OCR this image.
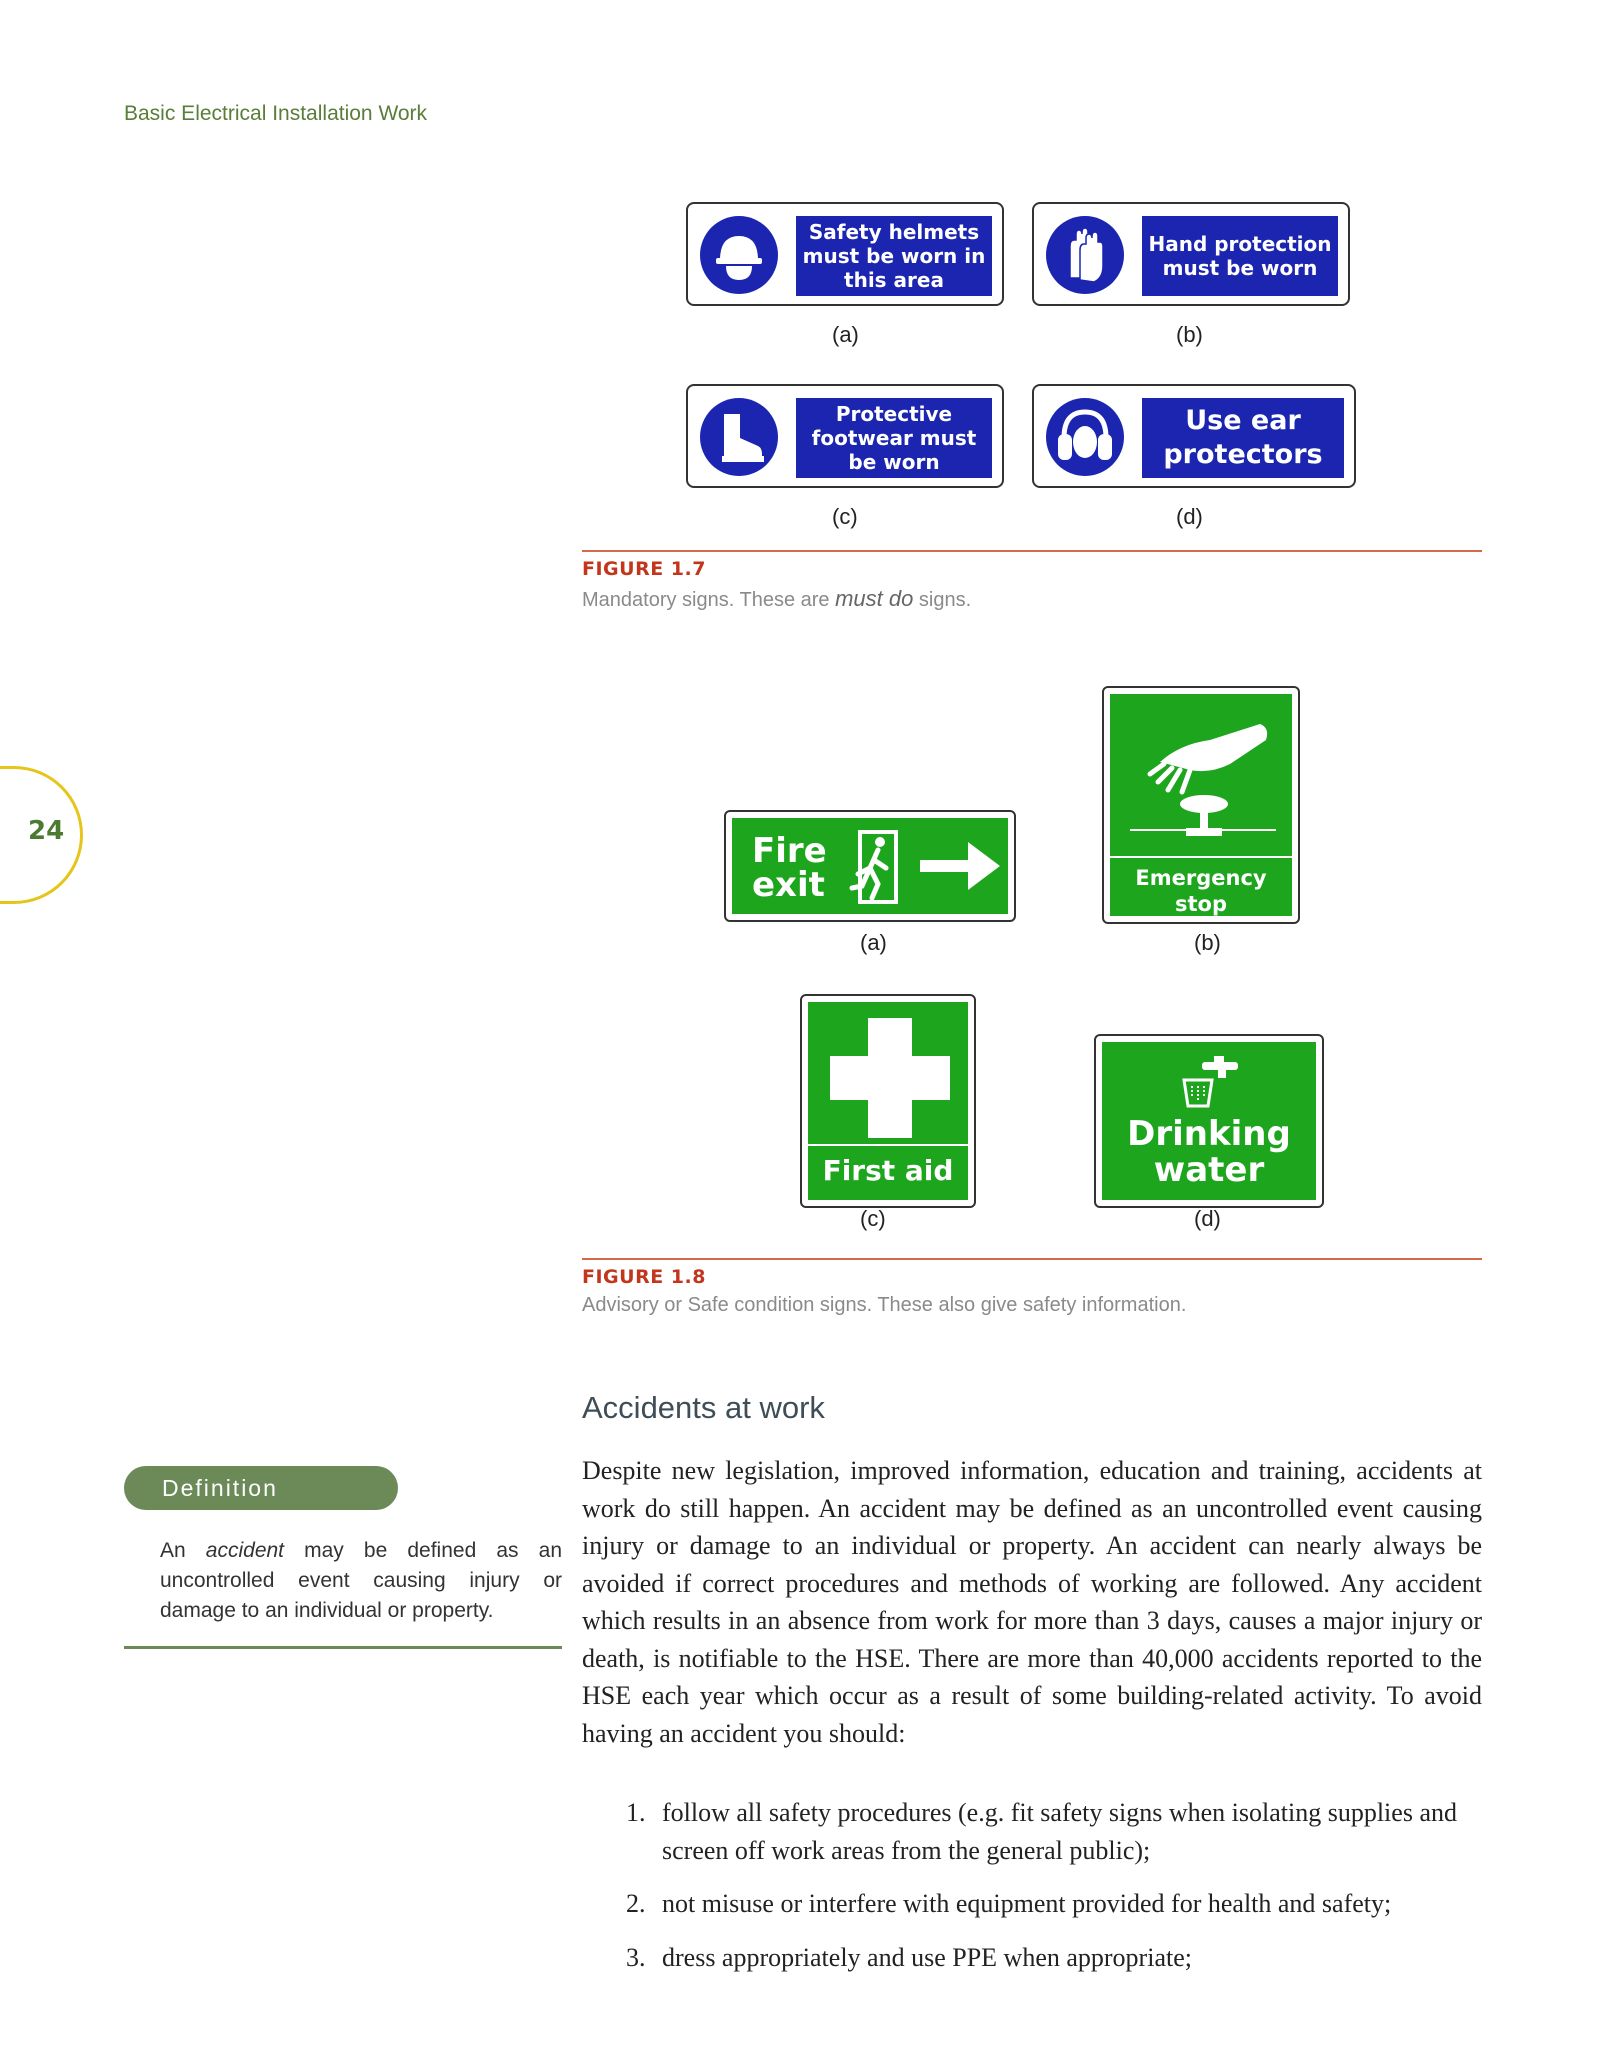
Basic Electrical Installation Work
24
Safety helmets must be worn in this area
(a)
Hand protection must be worn
(b)
Protective footwear must be worn
(c)
Use ear protectors
(d)
FIGURE 1.7
Mandatory signs. These are must do signs.
Fire
exit
(a)
Emergency
stop
(b)
First aid
(c)
Drinking
water
(d)
FIGURE 1.8
Advisory or Safe condition signs. These also give safety information.
Definition
An accident may be defined as an uncontrolled event causing injury or damage to an individual or property.
Accidents at work
Despite new legislation, improved information, education and training, accidents at work do still happen. An accident may be defined as an uncontrolled event causing injury or damage to an individual or property. An accident can nearly always be avoided if correct procedures and methods of working are followed. Any accident which results in an absence from work for more than 3 days, causes a major injury or death, is notifiable to the HSE. There are more than 40,000 accidents reported to the HSE each year which occur as a result of some building-related activity. To avoid having an accident you should:
1. follow all safety procedures (e.g. fit safety signs when isolating supplies and screen off work areas from the general public);
2. not misuse or interfere with equipment provided for health and safety;
3. dress appropriately and use PPE when appropriate;
